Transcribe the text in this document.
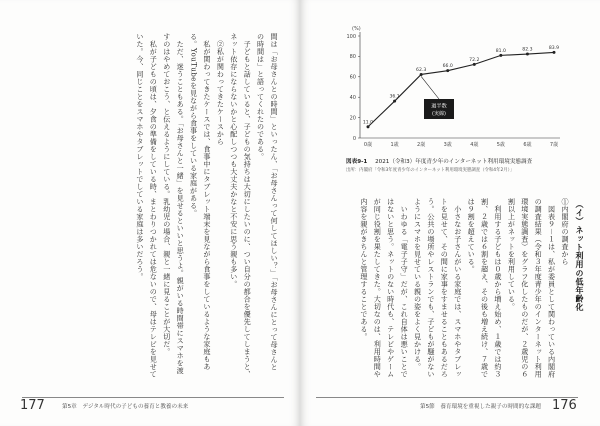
間は「お母さんとの時間」といったん、「お母さんって何してほしい？」「お母さんにとって母さんとの時間は」と語ってくれたのである。
　子どもと話していると、子どもの気持ちは大切にしたいのに、つい自分の都合を優先してしまうと、ネット依存にならないかと心配しつつも大丈夫かなと不安に思う親も多い。
　②私が関わってきたケースから
　私が関わってきたケースでは、食事中にタブレット端末を見ながら食事をしているような家庭もある。YouTubeを見ながら食事をしている家庭がある。
　ただ、迷うこともある。「お母さんと一緒」を見せるといいと思うよ。親がいる時間帯にスマホを渡すのはやめておこう、と伝えるようにしている。乳幼児の場合、親と一緒に見ることが大切だ。
　私が子どもの頃は、夕食の準備をしている時、まとわりつかれては危ないので、母はテレビを見せていた。今、同じことをスマホやタブレットでしている家庭は多いだろう。
177	第5章　デジタル時代の子どもの養育と教養の未来
(%)
0
20
40
60
80
100
0歳	1歳	2歳	3歳	4歳	5歳	6歳	7歳
11.0
36.1
62.3
66.0
72.2
81.0	82.3	83.9
過半数
(実線)
図表9-1 2021（令和3）年度青少年のインターネット利用環境実態調査
出所：内閣府「令和3年度青少年のインターネット利用環境実態調査（令和4年2月）」
（イ）ネット利用の低年齢化
①内閣府の調査から
　図表９－１は、私が委員として関わっている内閣府の調査結果（令和３年度青少年のインターネット利用環境実態調査）をグラフ化したものだが、２歳児の６割以上がネットを利用している。
　利用する子どもは０歳から増え始め、１歳では約３割、２歳では６割を超え、その後も増え続け、７歳では９割を超えている。
　小さなお子さんがいる家庭では、スマホやタブレットを見せて、その間に家事をすませることもあるだろう。公共の場所やレストランでも、子どもが騒がないようにスマホを見せている親の姿をよく見かける。
　いわゆる「電子子守」だが、これ自体は悪いことではないと思う。ネットのない時代も、テレビやゲームが同じ役割を果たしてきた。大切なのは、利用時間や内容を親がきちんと管理することである。
第5節　養育環境を重視した親子の時間的な課題 176
